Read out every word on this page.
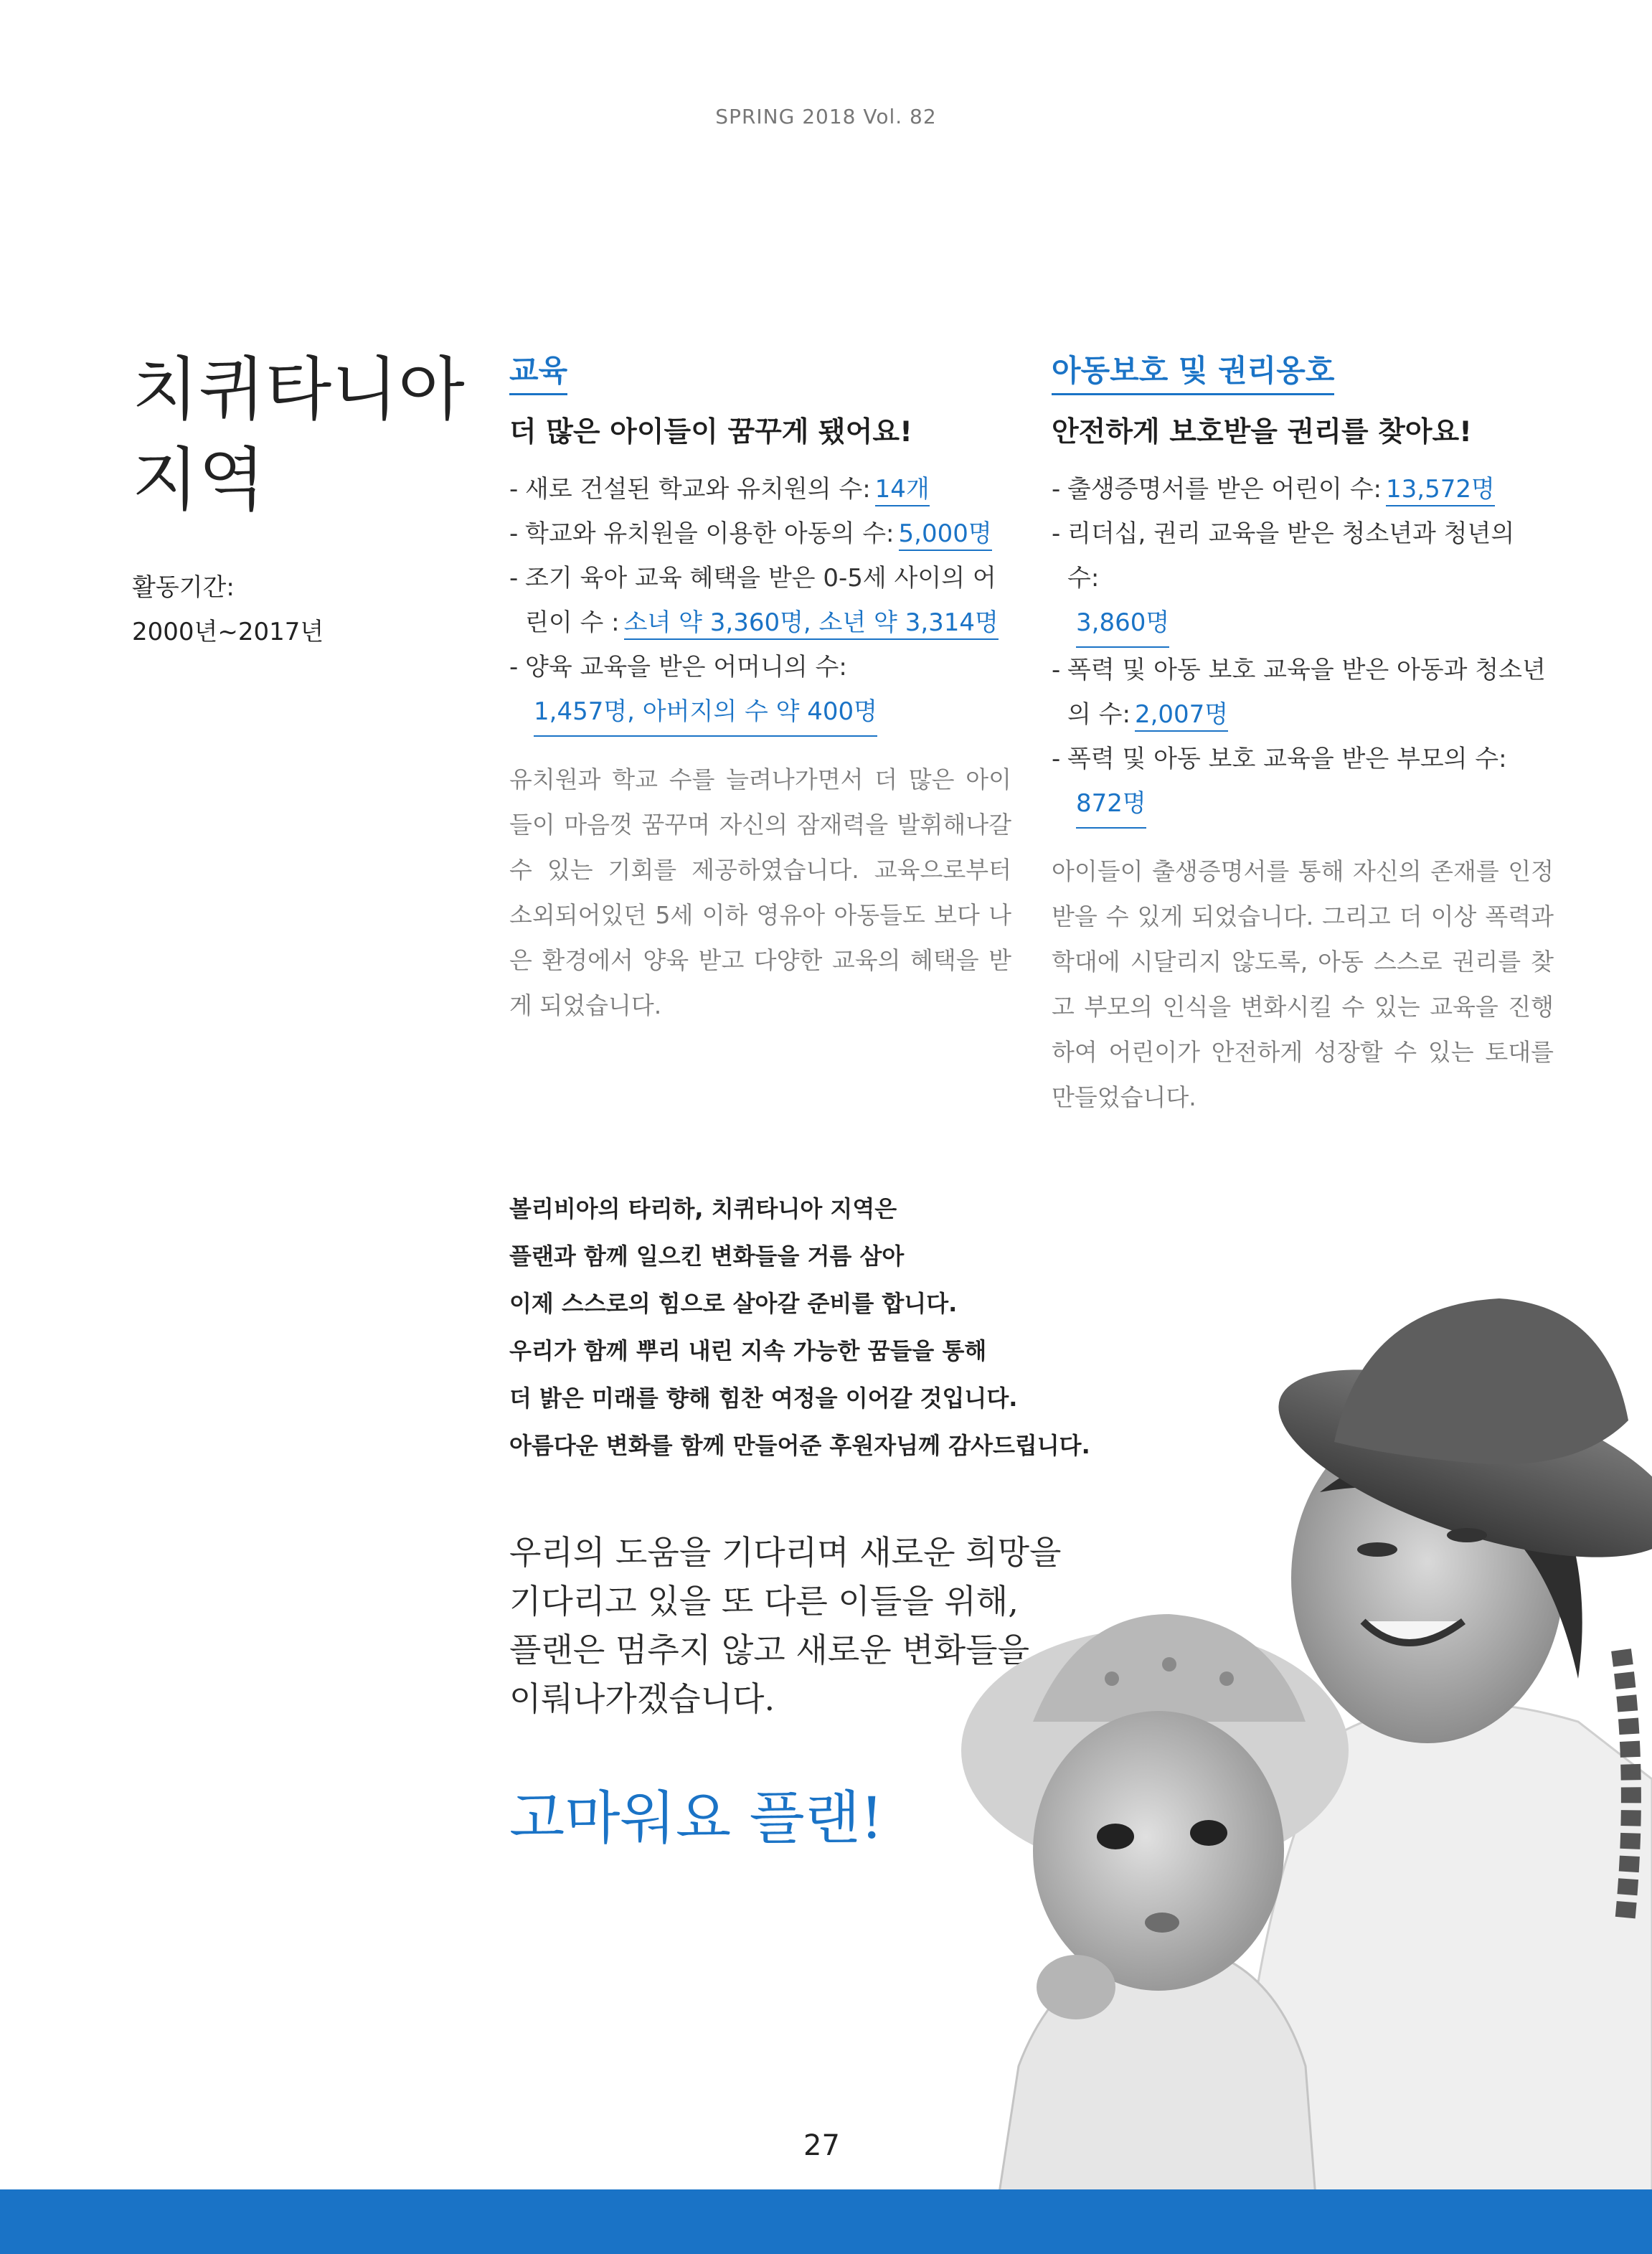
SPRING 2018 Vol. 82
치퀴타니아
지역
활동기간:
2000년~2017년
교육
더 많은 아이들이 꿈꾸게 됐어요!
- 새로 건설된 학교와 유치원의 수: 14개
- 학교와 유치원을 이용한 아동의 수: 5,000명
- 조기 육아 교육 혜택을 받은 0-5세 사이의 어린이 수 : 소녀 약 3,360명, 소년 약 3,314명
- 양육 교육을 받은 어머니의 수:
1,457명, 아버지의 수 약 400명

유치원과 학교 수를 늘려나가면서 더 많은 아이들이 마음껏 꿈꾸며 자신의 잠재력을 발휘해나갈 수 있는 기회를 제공하였습니다. 교육으로부터 소외되어있던 5세 이하 영유아 아동들도 보다 나은 환경에서 양육 받고 다양한 교육의 혜택을 받게 되었습니다.

아동보호 및 권리옹호
안전하게 보호받을 권리를 찾아요!
- 출생증명서를 받은 어린이 수: 13,572명
- 리더십, 권리 교육을 받은 청소년과 청년의 수:
3,860명
- 폭력 및 아동 보호 교육을 받은 아동과 청소년의 수: 2,007명
- 폭력 및 아동 보호 교육을 받은 부모의 수:
872명

아이들이 출생증명서를 통해 자신의 존재를 인정받을 수 있게 되었습니다. 그리고 더 이상 폭력과 학대에 시달리지 않도록, 아동 스스로 권리를 찾고 부모의 인식을 변화시킬 수 있는 교육을 진행하여 어린이가 안전하게 성장할 수 있는 토대를 만들었습니다.

볼리비아의 타리하, 치퀴타니아 지역은
플랜과 함께 일으킨 변화들을 거름 삼아
이제 스스로의 힘으로 살아갈 준비를 합니다.
우리가 함께 뿌리 내린 지속 가능한 꿈들을 통해
더 밝은 미래를 향해 힘찬 여정을 이어갈 것입니다.
아름다운 변화를 함께 만들어준 후원자님께 감사드립니다.
우리의 도움을 기다리며 새로운 희망을
기다리고 있을 또 다른 이들을 위해,
플랜은 멈추지 않고 새로운 변화들을
이뤄나가겠습니다.
고마워요 플랜!
27
